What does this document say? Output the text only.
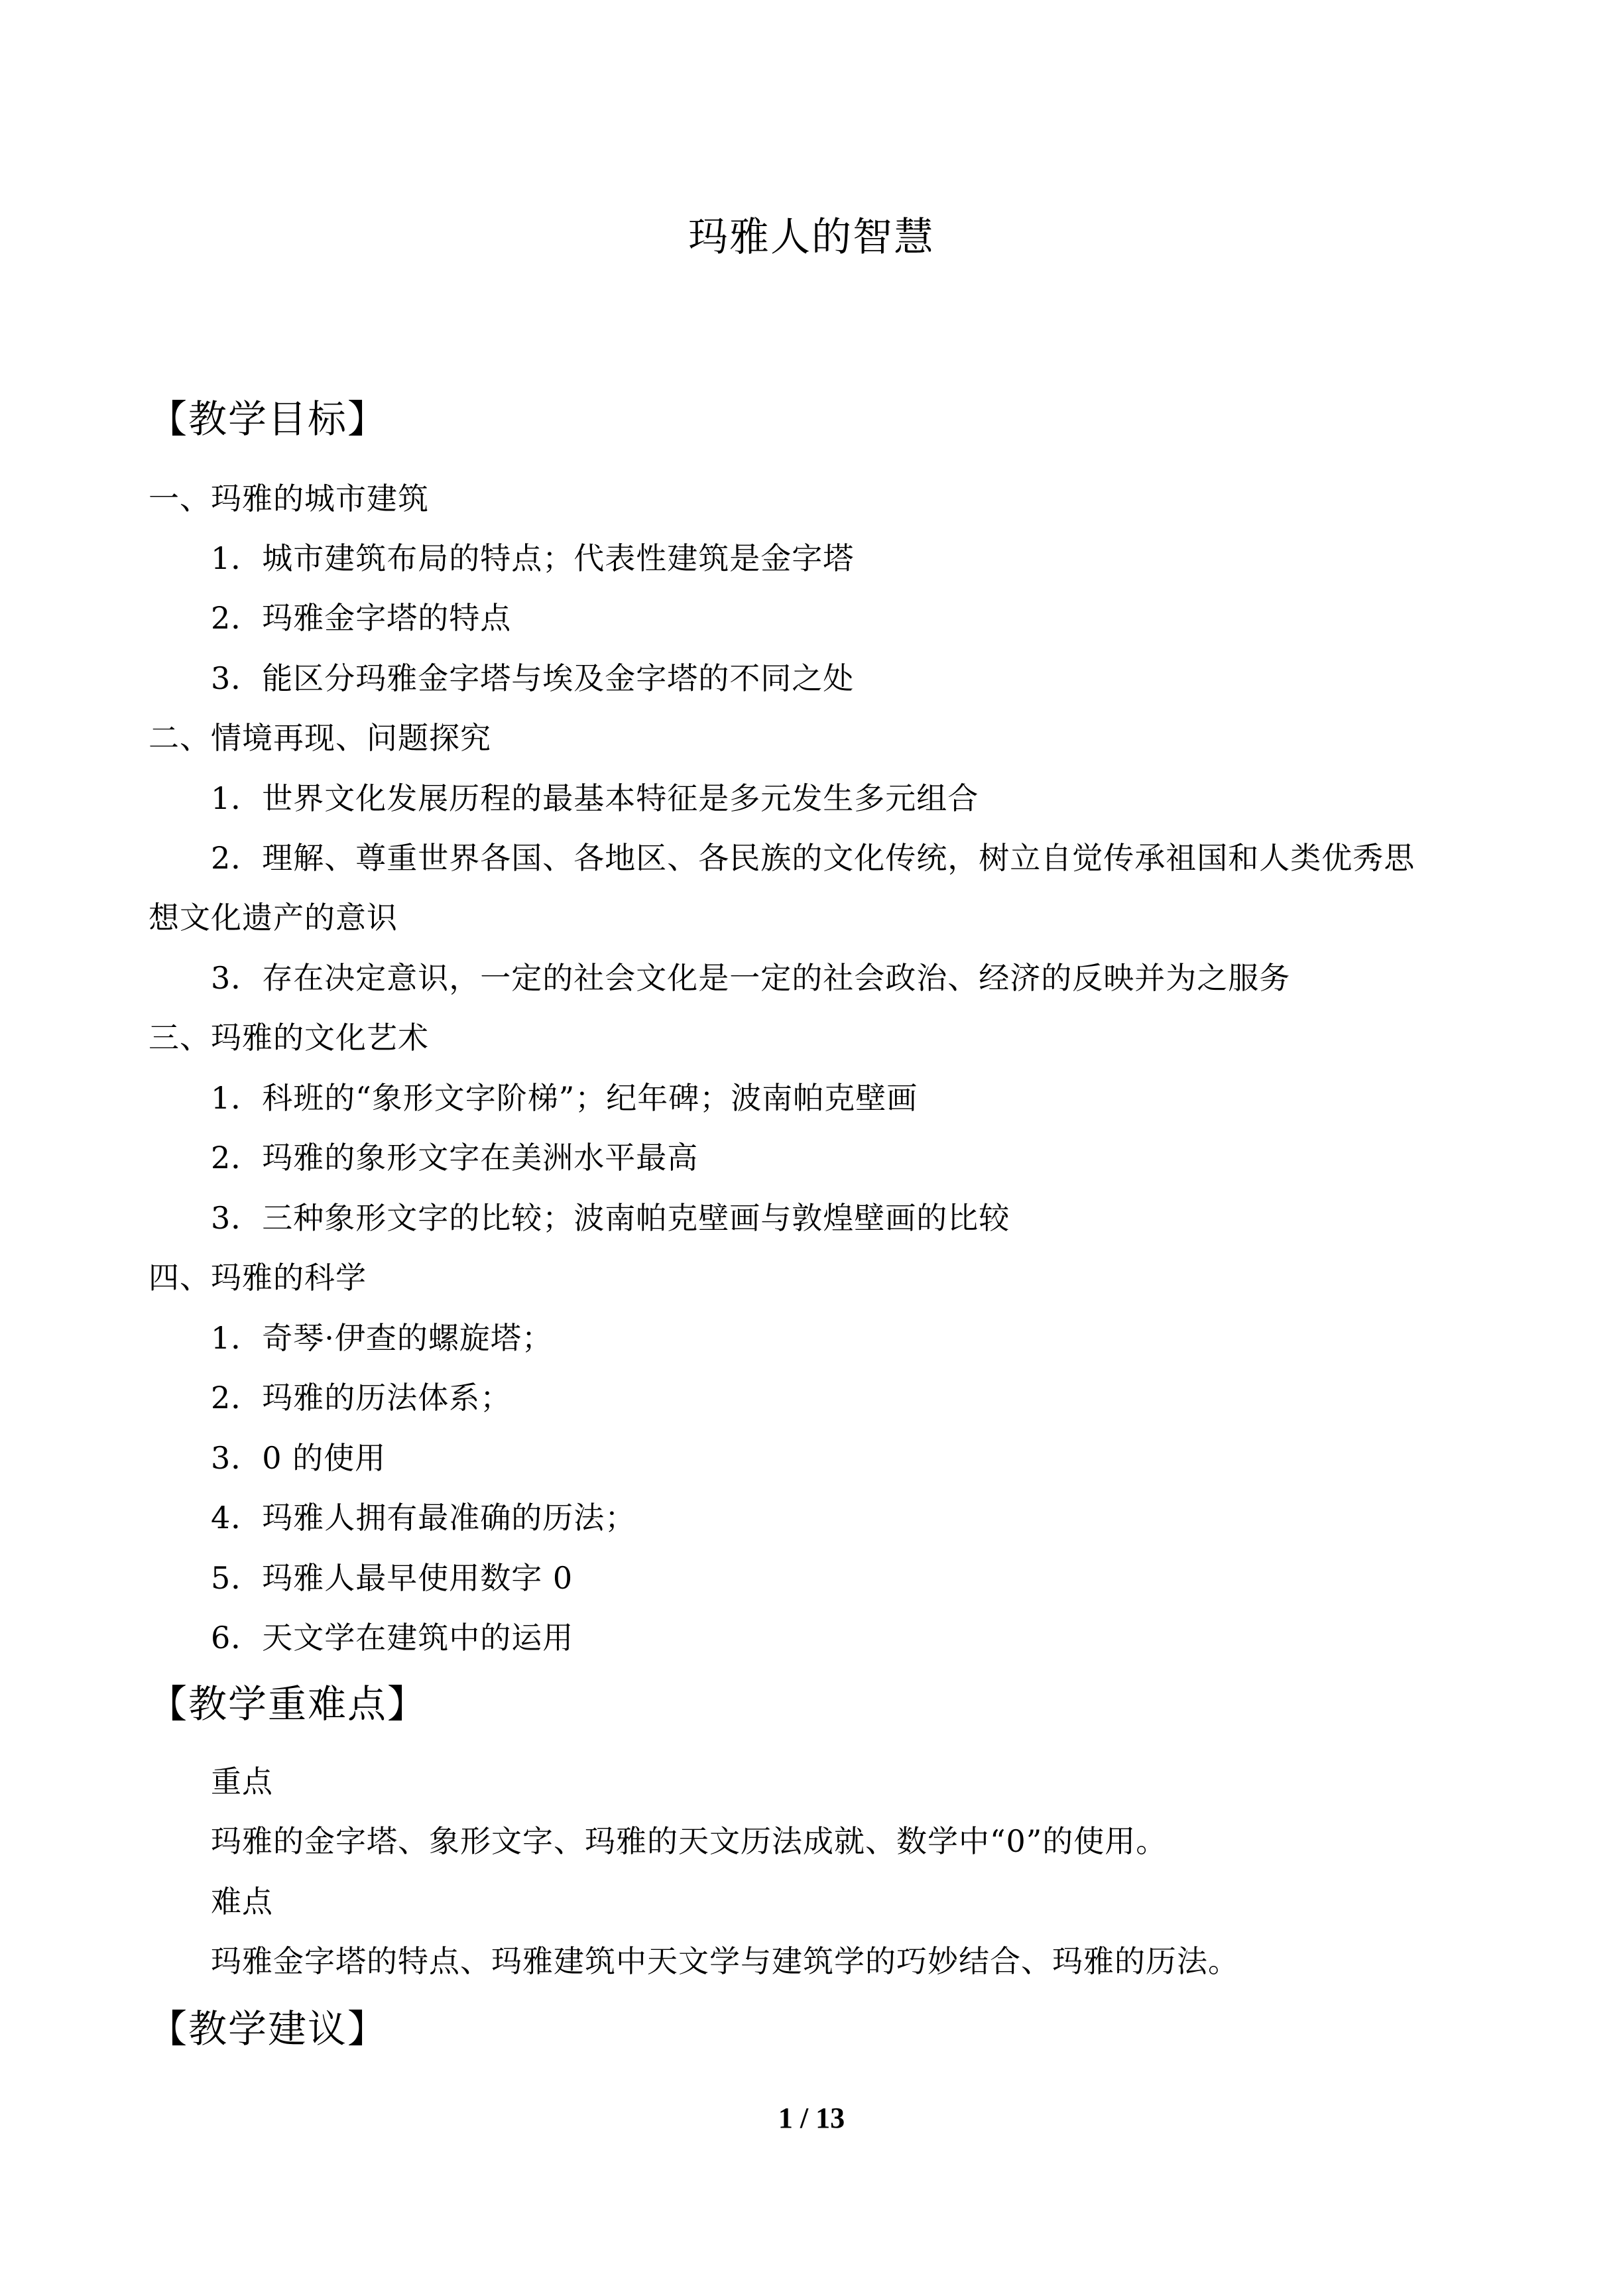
玛雅人的智慧
【教学目标】
一、玛雅的城市建筑
1．城市建筑布局的特点；代表性建筑是金字塔
2．玛雅金字塔的特点
3．能区分玛雅金字塔与埃及金字塔的不同之处
二、情境再现、问题探究
1．世界文化发展历程的最基本特征是多元发生多元组合
2．理解、尊重世界各国、各地区、各民族的文化传统，树立自觉传承祖国和人类优秀思
想文化遗产的意识
3．存在决定意识，一定的社会文化是一定的社会政治、经济的反映并为之服务
三、玛雅的文化艺术
1．科班的“象形文字阶梯”；纪年碑；波南帕克壁画
2．玛雅的象形文字在美洲水平最高
3．三种象形文字的比较；波南帕克壁画与敦煌壁画的比较
四、玛雅的科学
1．奇琴·伊查的螺旋塔；
2．玛雅的历法体系；
3．0 的使用
4．玛雅人拥有最准确的历法；
5．玛雅人最早使用数字 0
6．天文学在建筑中的运用
【教学重难点】
重点
玛雅的金字塔、象形文字、玛雅的天文历法成就、数学中“0”的使用。
难点
玛雅金字塔的特点、玛雅建筑中天文学与建筑学的巧妙结合、玛雅的历法。
【教学建议】
1 / 13
